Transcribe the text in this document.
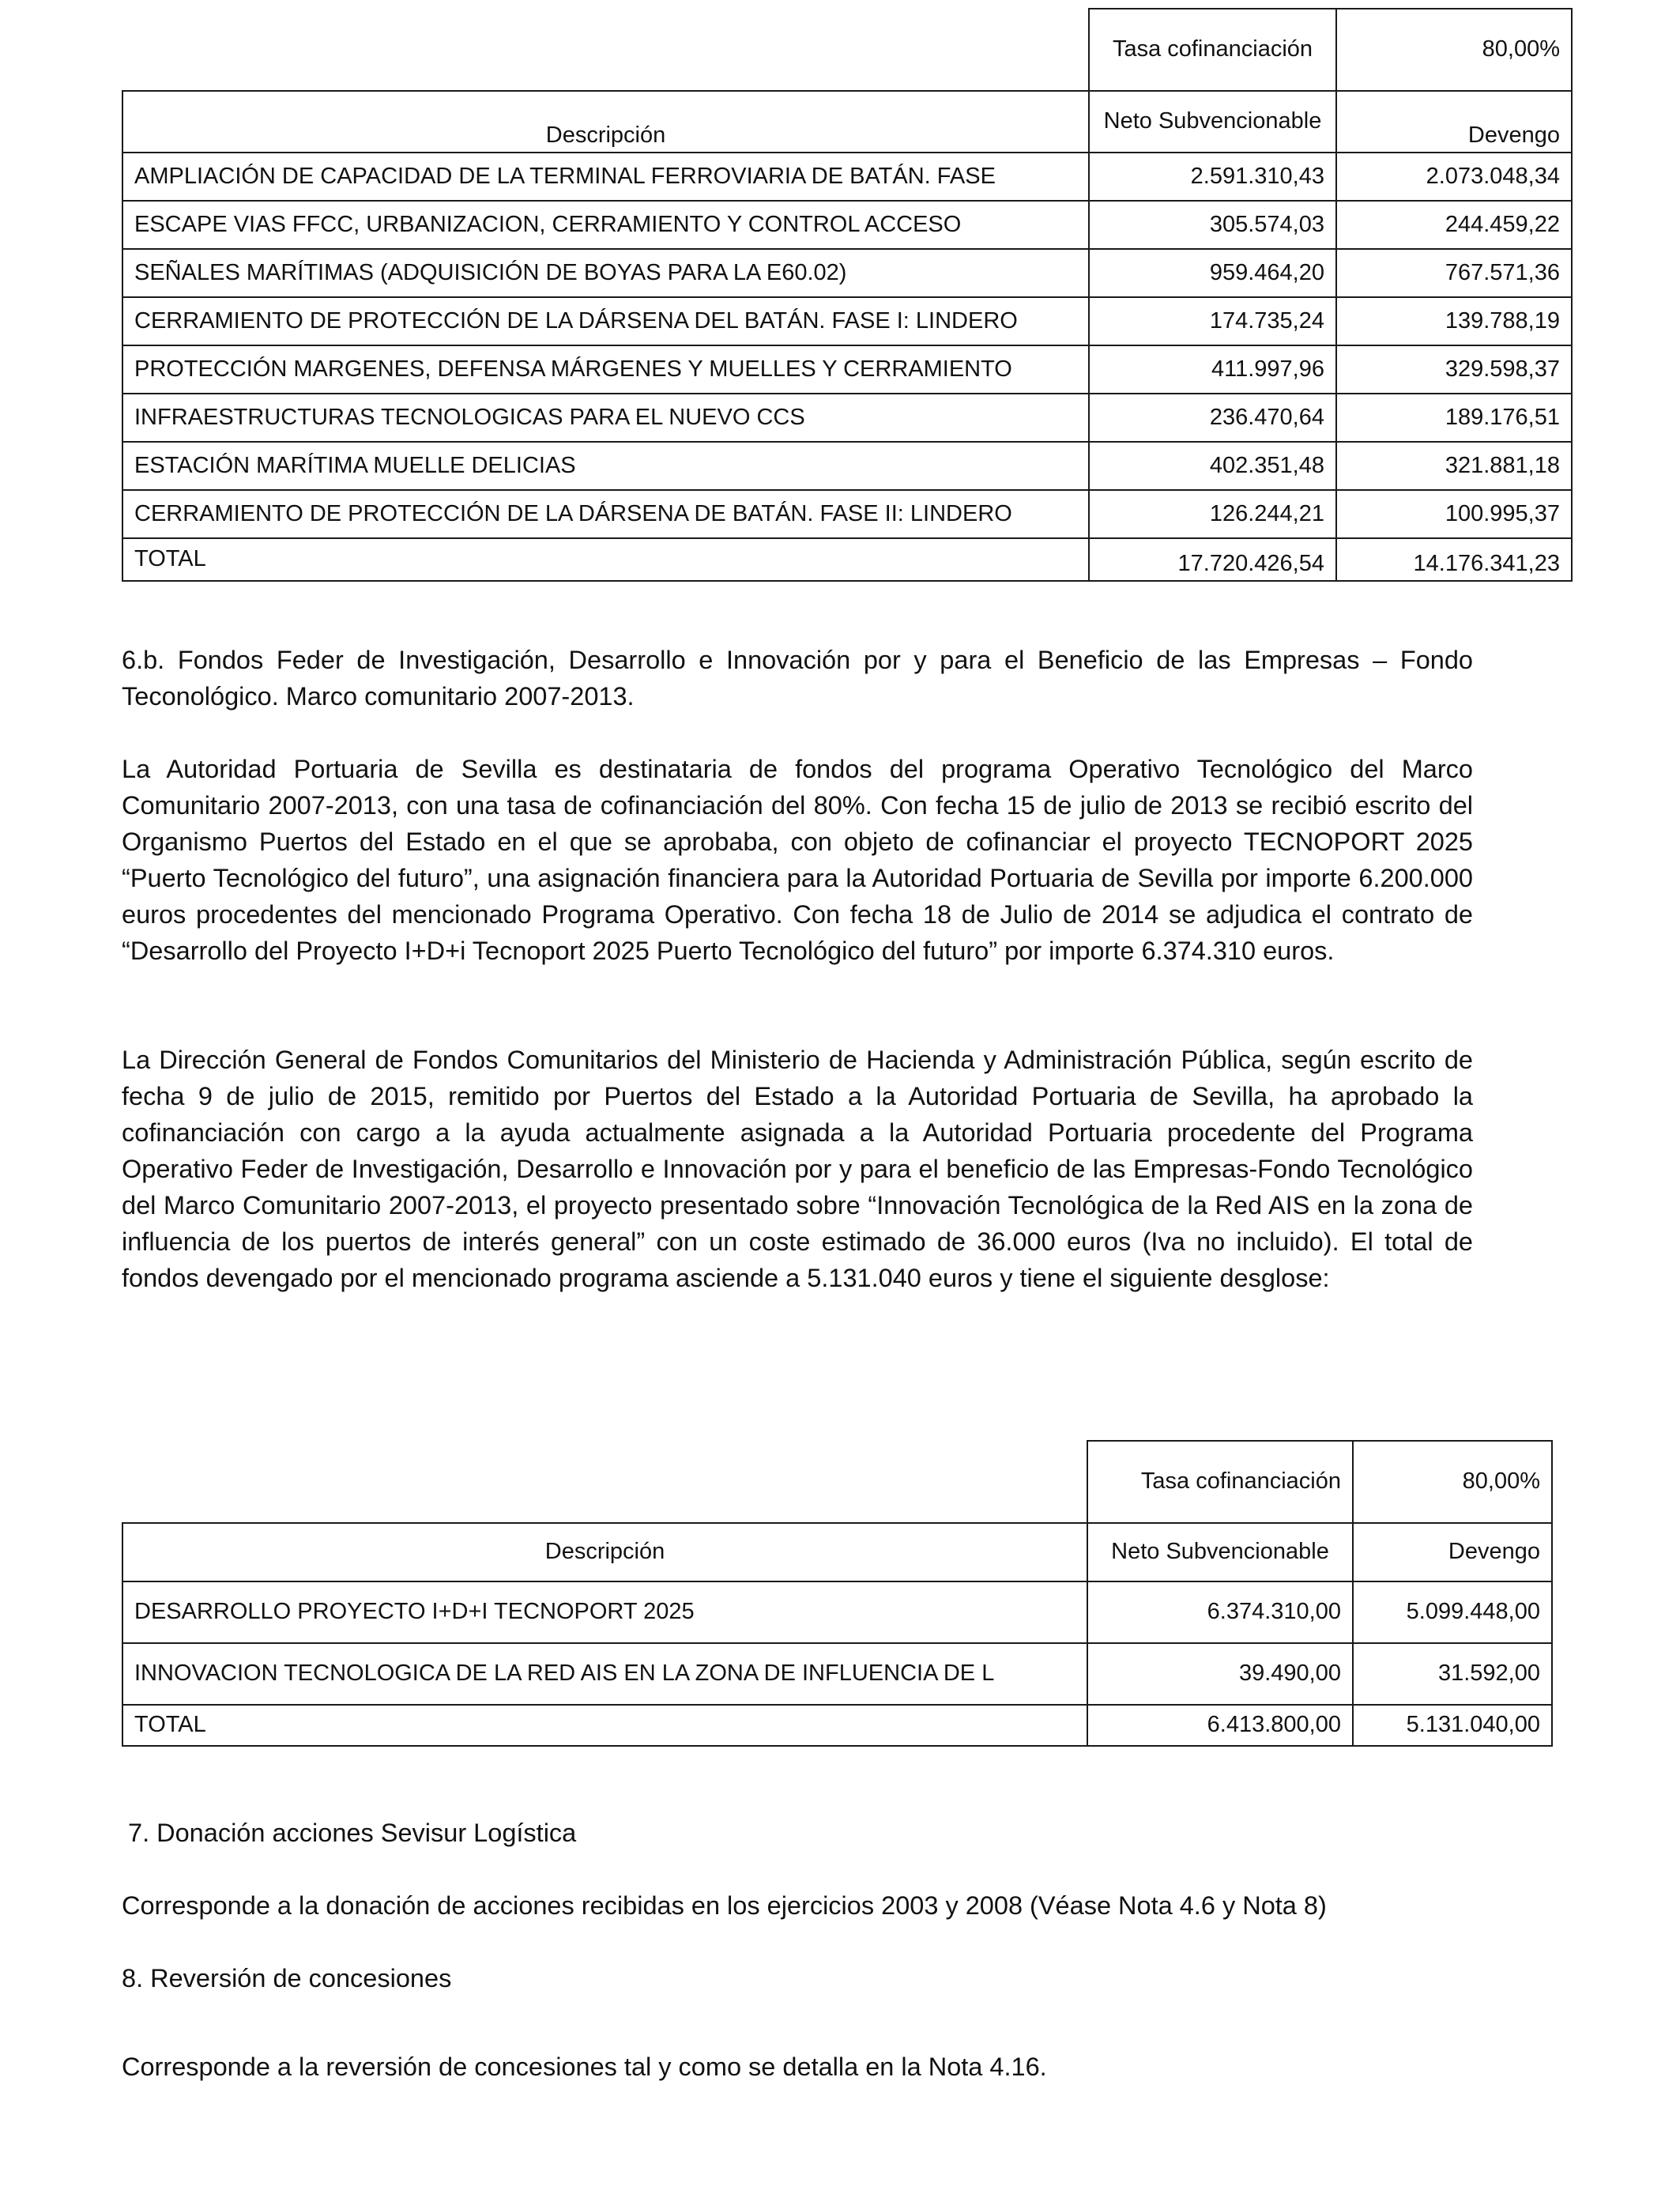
	Tasa cofinanciación	80,00%
Descripción	Neto Subvencionable	Devengo
AMPLIACIÓN DE CAPACIDAD DE LA TERMINAL FERROVIARIA DE BATÁN. FASE	2.591.310,43	2.073.048,34
ESCAPE VIAS FFCC, URBANIZACION, CERRAMIENTO Y CONTROL ACCESO	305.574,03	244.459,22
SEÑALES MARÍTIMAS (ADQUISICIÓN DE BOYAS PARA LA E60.02)	959.464,20	767.571,36
CERRAMIENTO DE PROTECCIÓN DE LA DÁRSENA DEL BATÁN. FASE I: LINDERO	174.735,24	139.788,19
PROTECCIÓN MARGENES, DEFENSA MÁRGENES Y MUELLES Y CERRAMIENTO	411.997,96	329.598,37
INFRAESTRUCTURAS TECNOLOGICAS PARA EL NUEVO CCS	236.470,64	189.176,51
ESTACIÓN MARÍTIMA MUELLE DELICIAS	402.351,48	321.881,18
CERRAMIENTO DE PROTECCIÓN DE LA DÁRSENA DE BATÁN. FASE II: LINDERO	126.244,21	100.995,37
TOTAL	17.720.426,54	14.176.341,23

6.b. Fondos Feder de Investigación, Desarrollo e Innovación por y para el Beneficio de las Empresas – Fondo Teconológico. Marco comunitario 2007-2013.

La Autoridad Portuaria de Sevilla es destinataria de fondos del programa Operativo Tecnológico del Marco Comunitario 2007-2013, con una tasa de cofinanciación del 80%. Con fecha 15 de julio de 2013 se recibió escrito del Organismo Puertos del Estado en el que se aprobaba, con objeto de cofinanciar el proyecto TECNOPORT 2025 “Puerto Tecnológico del futuro”, una asignación financiera para la Autoridad Portuaria de Sevilla por importe 6.200.000 euros procedentes del mencionado Programa Operativo. Con fecha 18 de Julio de 2014 se adjudica el contrato de “Desarrollo del Proyecto I+D+i Tecnoport 2025 Puerto Tecnológico del futuro” por importe 6.374.310 euros.

La Dirección General de Fondos Comunitarios del Ministerio de Hacienda y Administración Pública, según escrito de fecha 9 de julio de 2015, remitido por Puertos del Estado a la Autoridad Portuaria de Sevilla, ha aprobado la cofinanciación con cargo a la ayuda actualmente asignada a la Autoridad Portuaria procedente del Programa Operativo Feder de Investigación, Desarrollo e Innovación por y para el beneficio de las Empresas-Fondo Tecnológico del Marco Comunitario 2007-2013, el proyecto presentado sobre “Innovación Tecnológica de la Red AIS en la zona de influencia de los puertos de interés general” con un coste estimado de 36.000 euros (Iva no incluido). El total de fondos devengado por el mencionado programa asciende a 5.131.040 euros y tiene el siguiente desglose:

	Tasa cofinanciación	80,00%
Descripción	Neto Subvencionable	Devengo
DESARROLLO PROYECTO I+D+I TECNOPORT 2025	6.374.310,00	5.099.448,00
INNOVACION TECNOLOGICA DE LA RED AIS EN LA ZONA DE INFLUENCIA DE L	39.490,00	31.592,00
TOTAL	6.413.800,00	5.131.040,00

7. Donación acciones Sevisur Logística

Corresponde a la donación de acciones recibidas en los ejercicios 2003 y 2008 (Véase Nota 4.6 y Nota 8)

8. Reversión de concesiones

Corresponde a la reversión de concesiones tal y como se detalla en la Nota 4.16.
